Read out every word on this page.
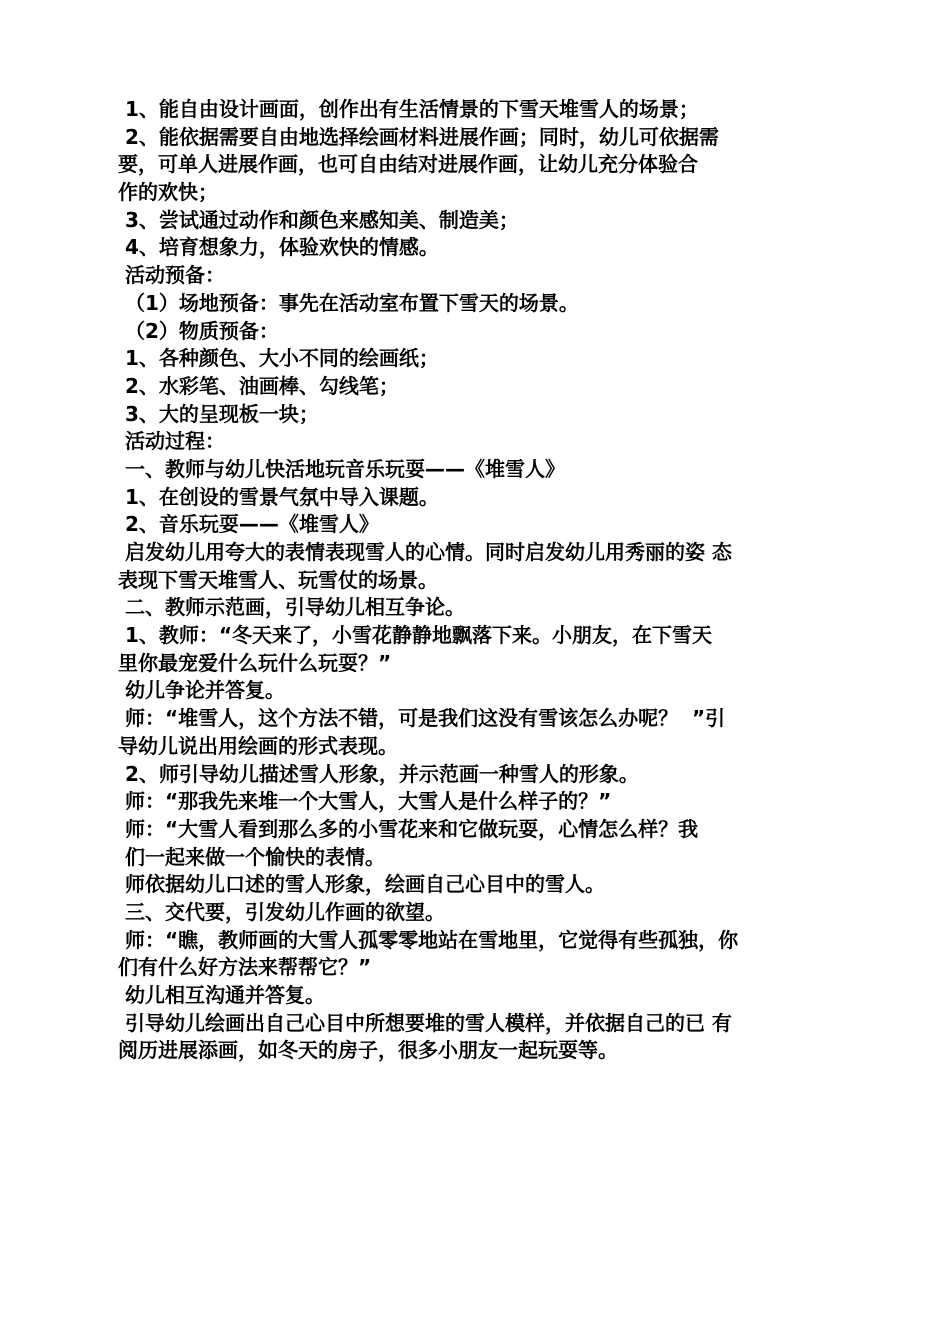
1、能自由设计画面，创作出有生活情景的下雪天堆雪人的场景；

2、能依据需要自由地选择绘画材料进展作画；同时，幼儿可依据需

要，可单人进展作画，也可自由结对进展作画，让幼儿充分体验合

作的欢快；

3、尝试通过动作和颜色来感知美、制造美；

4、培育想象力，体验欢快的情感。

活动预备：

（1）场地预备：事先在活动室布置下雪天的场景。

（2）物质预备：

1、各种颜色、大小不同的绘画纸；

2、水彩笔、油画棒、勾线笔；

3、大的呈现板一块；

活动过程：

一、教师与幼儿快活地玩音乐玩耍——《堆雪人》

1、在创设的雪景气氛中导入课题。

2、音乐玩耍——《堆雪人》

启发幼儿用夸大的表情表现雪人的心情。同时启发幼儿用秀丽的姿 态

表现下雪天堆雪人、玩雪仗的场景。

二、教师示范画，引导幼儿相互争论。

1、教师：“冬天来了，小雪花静静地飘落下来。小朋友，在下雪天

里你最宠爱什么玩什么玩耍？”

幼儿争论并答复。

师：“堆雪人，这个方法不错，可是我们这没有雪该怎么办呢？  ”引

导幼儿说出用绘画的形式表现。

2、师引导幼儿描述雪人形象，并示范画一种雪人的形象。

师：“那我先来堆一个大雪人，大雪人是什么样子的？”

师：“大雪人看到那么多的小雪花来和它做玩耍，心情怎么样？我

们一起来做一个愉快的表情。

师依据幼儿口述的雪人形象，绘画自己心目中的雪人。

三、交代要，引发幼儿作画的欲望。

师：“瞧，教师画的大雪人孤零零地站在雪地里，它觉得有些孤独，你

们有什么好方法来帮帮它？”

幼儿相互沟通并答复。

引导幼儿绘画出自己心目中所想要堆的雪人模样，并依据自己的已 有

阅历进展添画，如冬天的房子，很多小朋友一起玩耍等。
